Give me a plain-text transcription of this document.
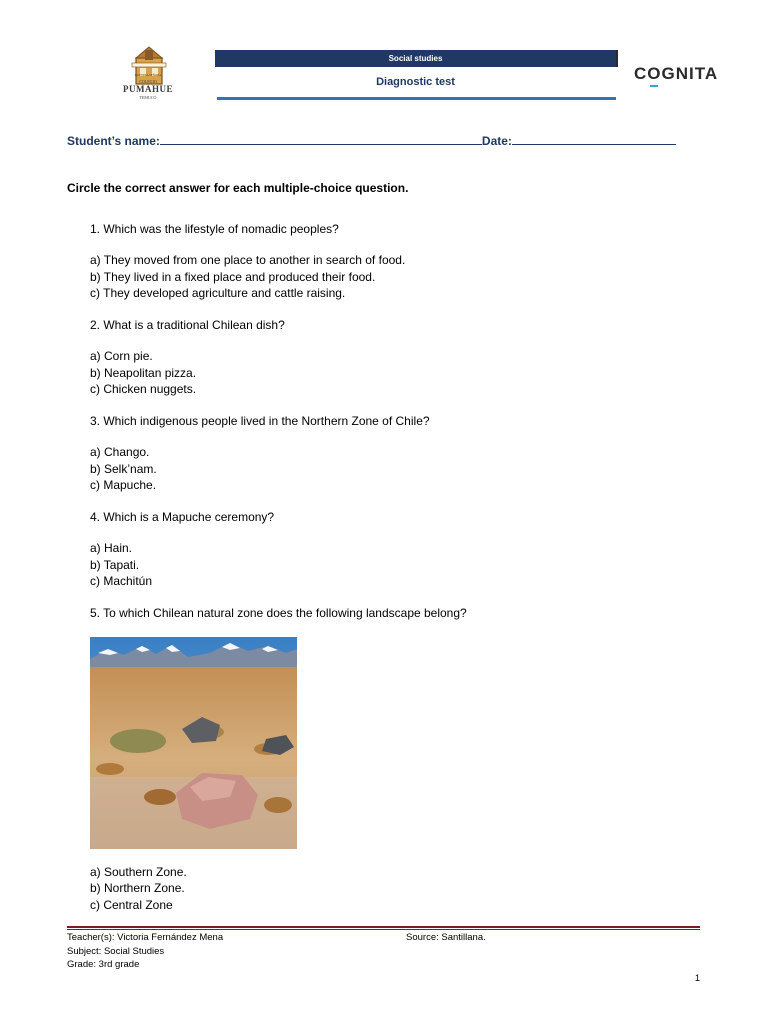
NUESTRA SEÑORA
COLEGIO
PUMAHUE
TEMUCO
Social studies
Diagnostic test	COGNITA
Student’s name:	Date:
Circle the correct answer for each multiple-choice question.
1. Which was the lifestyle of nomadic peoples?
a) They moved from one place to another in search of food.
b) They lived in a fixed place and produced their food.
c) They developed agriculture and cattle raising.
2. What is a traditional Chilean dish?
a) Corn pie.
b) Neapolitan pizza.
c) Chicken nuggets.
3. Which indigenous people lived in the Northern Zone of Chile?
a) Chango.
b) Selk’nam.
c) Mapuche.
4. Which is a Mapuche ceremony?
a) Hain.
b) Tapati.
c) Machitún
5. To which Chilean natural zone does the following landscape belong?
a) Southern Zone.
b) Northern Zone.
c) Central Zone
Teacher(s): Victoria Fernández Mena	Source: Santillana.
Subject: Social Studies
Grade: 3rd grade
1
